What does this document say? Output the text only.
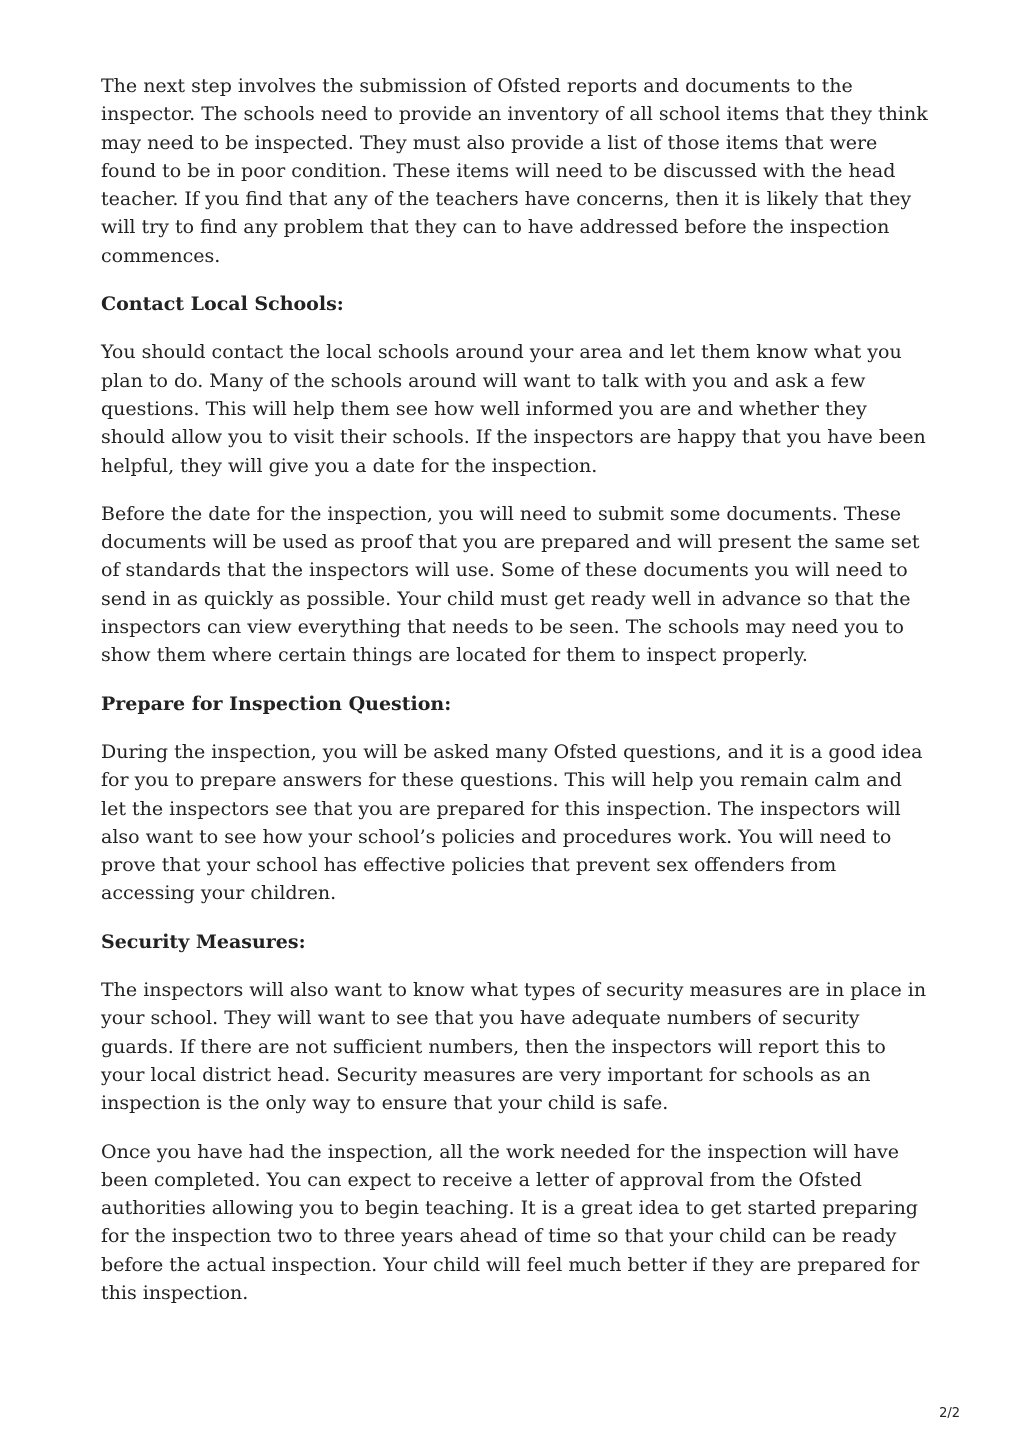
The next step involves the submission of Ofsted reports and documents to the inspector. The schools need to provide an inventory of all school items that they think may need to be inspected. They must also provide a list of those items that were found to be in poor condition. These items will need to be discussed with the head teacher. If you find that any of the teachers have concerns, then it is likely that they will try to find any problem that they can to have addressed before the inspection commences.

Contact Local Schools:

You should contact the local schools around your area and let them know what you plan to do. Many of the schools around will want to talk with you and ask a few questions. This will help them see how well informed you are and whether they should allow you to visit their schools. If the inspectors are happy that you have been helpful, they will give you a date for the inspection.

Before the date for the inspection, you will need to submit some documents. These documents will be used as proof that you are prepared and will present the same set of standards that the inspectors will use. Some of these documents you will need to send in as quickly as possible. Your child must get ready well in advance so that the inspectors can view everything that needs to be seen. The schools may need you to show them where certain things are located for them to inspect properly.

Prepare for Inspection Question:

During the inspection, you will be asked many Ofsted questions, and it is a good idea for you to prepare answers for these questions. This will help you remain calm and let the inspectors see that you are prepared for this inspection. The inspectors will also want to see how your school’s policies and procedures work. You will need to prove that your school has effective policies that prevent sex offenders from accessing your children.

Security Measures:

The inspectors will also want to know what types of security measures are in place in your school. They will want to see that you have adequate numbers of security guards. If there are not sufficient numbers, then the inspectors will report this to your local district head. Security measures are very important for schools as an inspection is the only way to ensure that your child is safe.

Once you have had the inspection, all the work needed for the inspection will have been completed. You can expect to receive a letter of approval from the Ofsted authorities allowing you to begin teaching. It is a great idea to get started preparing for the inspection two to three years ahead of time so that your child can be ready before the actual inspection. Your child will feel much better if they are prepared for this inspection.

2/2
